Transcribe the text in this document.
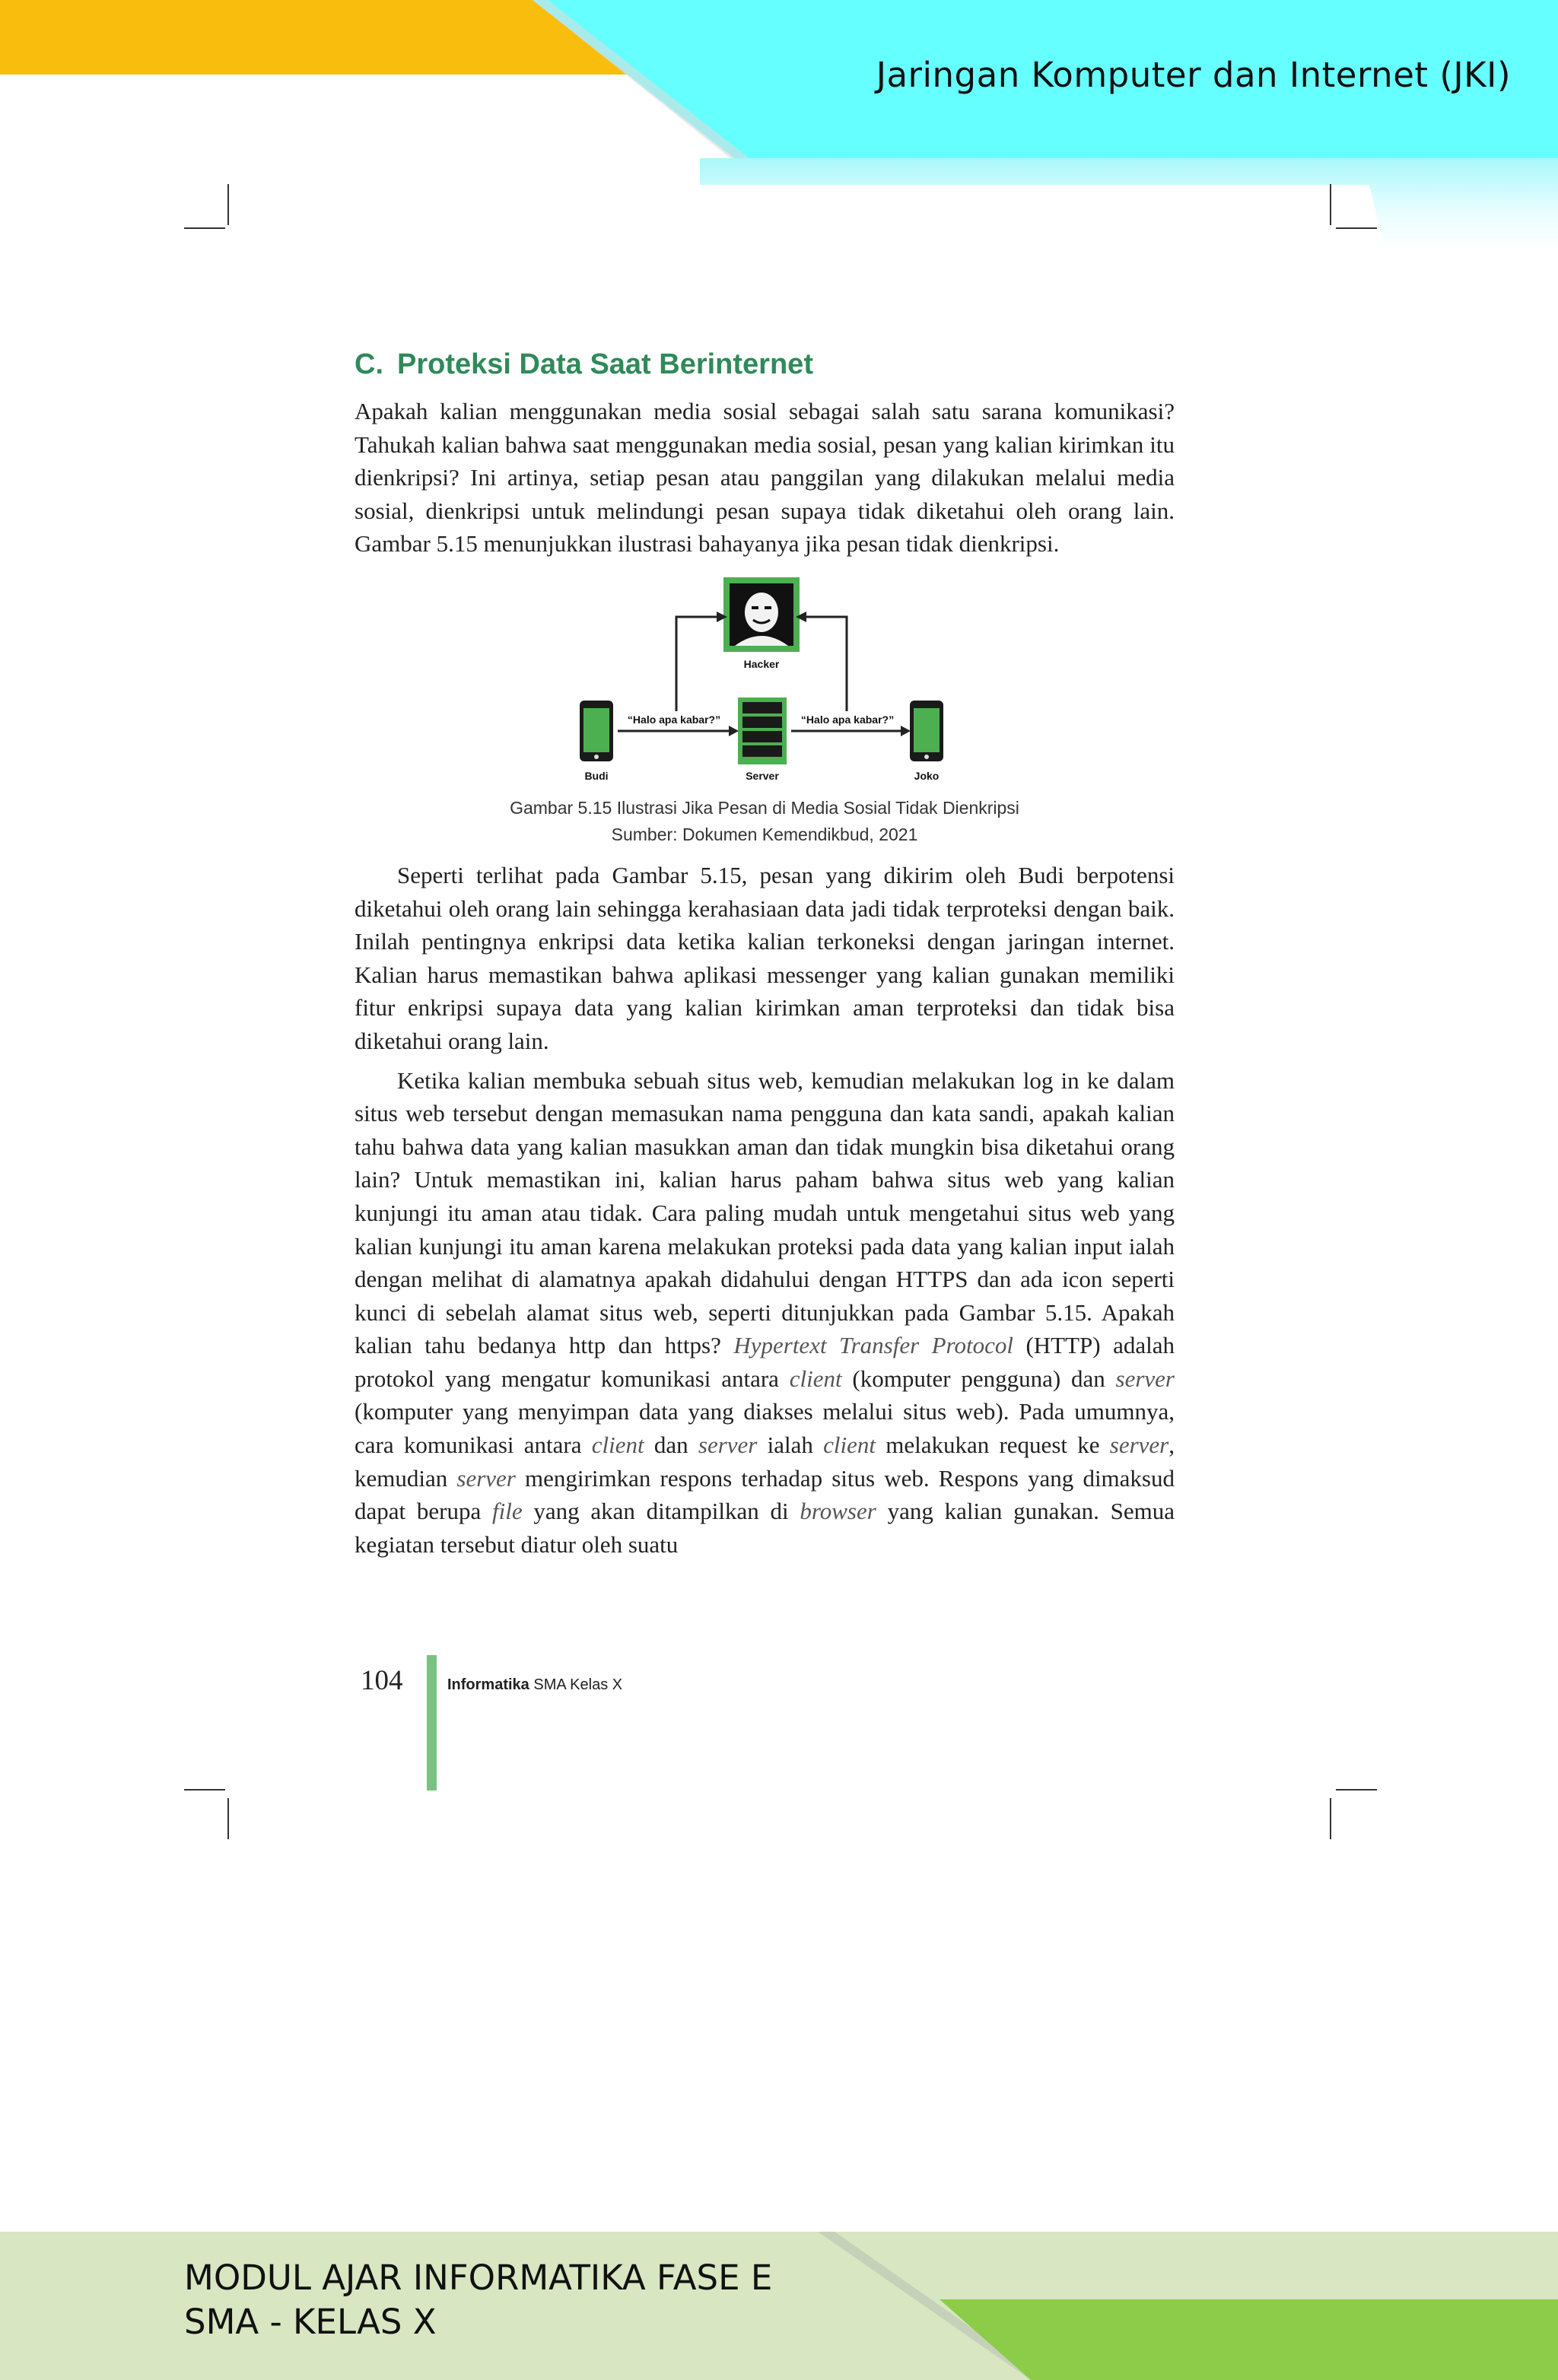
Jaringan Komputer dan Internet (JKI)
C. Proteksi Data Saat Berinternet

Apakah kalian menggunakan media sosial sebagai salah satu sarana komunikasi? Tahukah kalian bahwa saat menggunakan media sosial, pesan yang kalian kirimkan itu dienkripsi? Ini artinya, setiap pesan atau panggilan yang dilakukan melalui media sosial, dienkripsi untuk melindungi pesan supaya tidak diketahui oleh orang lain. Gambar 5.15 menunjukkan ilustrasi bahayanya jika pesan tidak dienkripsi.

Hacker
Budi	Server	Joko
“Halo apa kabar?”	“Halo apa kabar?”
Gambar 5.15 Ilustrasi Jika Pesan di Media Sosial Tidak Dienkripsi
Sumber: Dokumen Kemendikbud, 2021

Seperti terlihat pada Gambar 5.15, pesan yang dikirim oleh Budi berpotensi diketahui oleh orang lain sehingga kerahasiaan data jadi tidak terproteksi dengan baik. Inilah pentingnya enkripsi data ketika kalian terkoneksi dengan jaringan internet. Kalian harus memastikan bahwa aplikasi messenger yang kalian gunakan memiliki fitur enkripsi supaya data yang kalian kirimkan aman terproteksi dan tidak bisa diketahui orang lain.

Ketika kalian membuka sebuah situs web, kemudian melakukan log in ke dalam situs web tersebut dengan memasukan nama pengguna dan kata sandi, apakah kalian tahu bahwa data yang kalian masukkan aman dan tidak mungkin bisa diketahui orang lain? Untuk memastikan ini, kalian harus paham bahwa situs web yang kalian kunjungi itu aman atau tidak. Cara paling mudah untuk mengetahui situs web yang kalian kunjungi itu aman karena melakukan proteksi pada data yang kalian input ialah dengan melihat di alamatnya apakah didahului dengan HTTPS dan ada icon seperti kunci di sebelah alamat situs web, seperti ditunjukkan pada Gambar 5.15. Apakah kalian tahu bedanya http dan https? Hypertext Transfer Protocol (HTTP) adalah protokol yang mengatur komunikasi antara client (komputer pengguna) dan server (komputer yang menyimpan data yang diakses melalui situs web). Pada umumnya, cara komunikasi antara client dan server ialah client melakukan request ke server, kemudian server mengirimkan respons terhadap situs web. Respons yang dimaksud dapat berupa file yang akan ditampilkan di browser yang kalian gunakan. Semua kegiatan tersebut diatur oleh suatu

104	Informatika SMA Kelas X
MODUL AJAR INFORMATIKA FASE E
SMA - KELAS X
